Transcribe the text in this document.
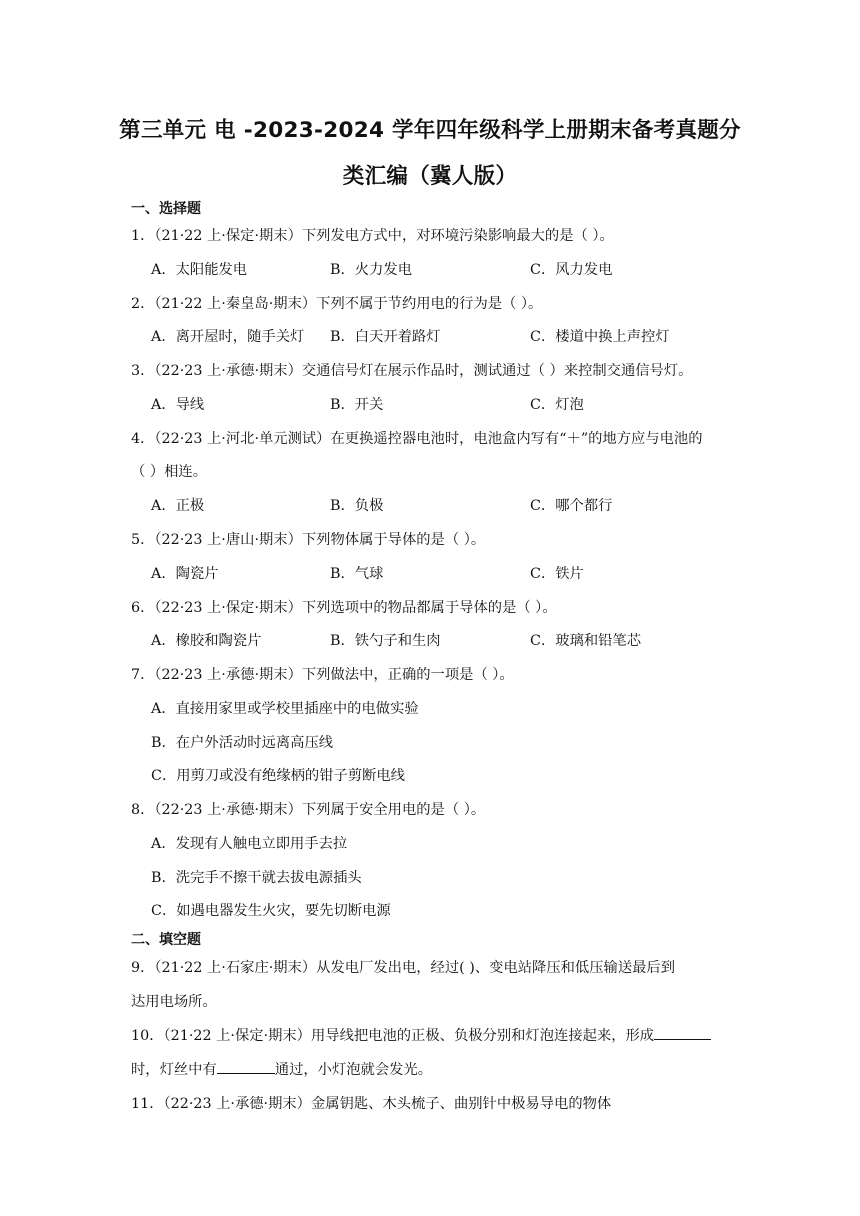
第三单元 电 -2023-2024 学年四年级科学上册期末备考真题分
类汇编（冀人版）
一、选择题
1．（21·22 上·保定·期末）下列发电方式中，对环境污染影响最大的是（ ）。
A．太阳能发电	B．火力发电	C．风力发电
2．（21·22 上·秦皇岛·期末）下列不属于节约用电的行为是（ ）。
A．离开屋时，随手关灯 B．白天开着路灯	C．楼道中换上声控灯
3．（22·23 上·承德·期末）交通信号灯在展示作品时，测试通过（ ）来控制交通信号灯。
A．导线	B．开关	C．灯泡
4．（22·23 上·河北·单元测试）在更换遥控器电池时，电池盒内写有“＋”的地方应与电池的
（ ）相连。
A．正极	B．负极	C．哪个都行
5．（22·23 上·唐山·期末）下列物体属于导体的是（ ）。
A．陶瓷片	B．气球	C．铁片
6．（22·23 上·保定·期末）下列选项中的物品都属于导体的是（ ）。
A．橡胶和陶瓷片	B．铁勺子和生肉	C．玻璃和铅笔芯
7．（22·23 上·承德·期末）下列做法中，正确的一项是（ ）。
A．直接用家里或学校里插座中的电做实验
B．在户外活动时远离高压线
C．用剪刀或没有绝缘柄的钳子剪断电线
8．（22·23 上·承德·期末）下列属于安全用电的是（ ）。
A．发现有人触电立即用手去拉
B．洗完手不擦干就去拔电源插头
C．如遇电器发生火灾，要先切断电源
二、填空题
9．（21·22 上·石家庄·期末）从发电厂发出电，经过( )、变电站降压和低压输送最后到
达用电场所。
10．（21·22 上·保定·期末）用导线把电池的正极、负极分别和灯泡连接起来，形成
时，灯丝中有	通过，小灯泡就会发光。
11．（22·23 上·承德·期末）金属钥匙、木头梳子、曲别针中极易导电的物体
